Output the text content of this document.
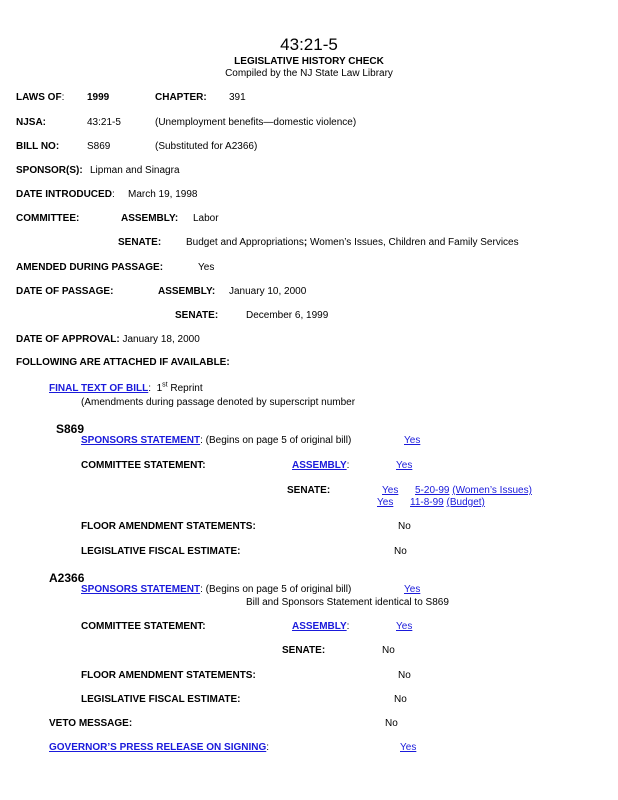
43:21-5
LEGISLATIVE HISTORY CHECK
Compiled by the NJ State Law Library
LAWS OF: 1999	CHAPTER: 391
NJSA:	43:21-5	(Unemployment benefits—domestic violence)
BILL NO:	S869	(Substituted for A2366)
SPONSOR(S): Lipman and Sinagra
DATE INTRODUCED: March 19, 1998
COMMITTEE:	ASSEMBLY: Labor
SENATE: Budget and Appropriations; Women’s Issues, Children and Family Services
AMENDED DURING PASSAGE:	Yes
DATE OF PASSAGE:	ASSEMBLY: January 10, 2000
SENATE:	December 6, 1999
DATE OF APPROVAL: January 18, 2000
FOLLOWING ARE ATTACHED IF AVAILABLE:
FINAL TEXT OF BILL: 1st Reprint
(Amendments during passage denoted by superscript number
S869
SPONSORS STATEMENT: (Begins on page 5 of original bill)	Yes
COMMITTEE STATEMENT:	ASSEMBLY:	Yes
SENATE:	Yes 5-20-99 (Women’s Issues)
Yes 11-8-99 (Budget)
FLOOR AMENDMENT STATEMENTS:	No
LEGISLATIVE FISCAL ESTIMATE:	No
A2366
SPONSORS STATEMENT: (Begins on page 5 of original bill)	Yes
Bill and Sponsors Statement identical to S869
COMMITTEE STATEMENT:	ASSEMBLY:	Yes
SENATE:	No
FLOOR AMENDMENT STATEMENTS:	No
LEGISLATIVE FISCAL ESTIMATE:	No
VETO MESSAGE:	No
GOVERNOR’S PRESS RELEASE ON SIGNING:	Yes
